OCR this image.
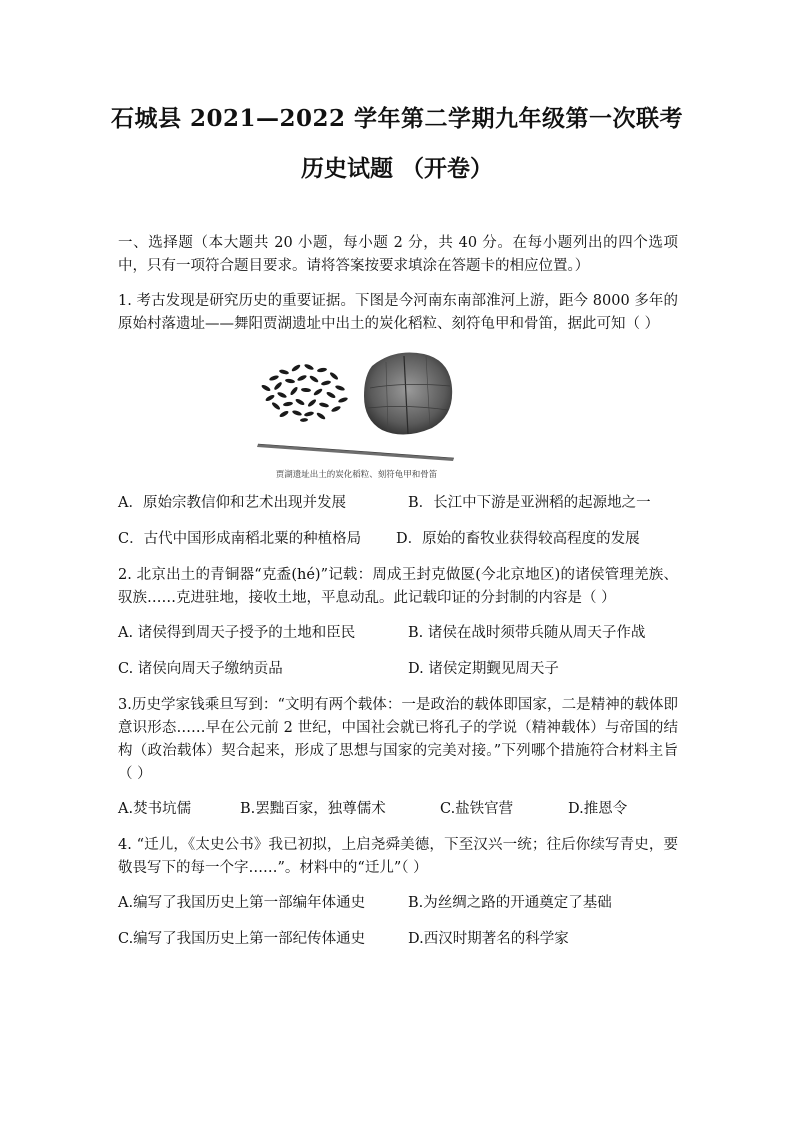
石城县 2021—2022 学年第二学期九年级第一次联考
历史试题 （开卷）

一、选择题（本大题共 20 小题，每小题 2 分，共 40 分。在每小题列出的四个选项中，只有一项符合题目要求。请将答案按要求填涂在答题卡的相应位置。）

1. 考古发现是研究历史的重要证据。下图是今河南东南部淮河上游，距今 8000 多年的原始村落遗址——舞阳贾湖遗址中出土的炭化稻粒、刻符龟甲和骨笛，据此可知（ ）

贾湖遗址出土的炭化稻粒、刻符龟甲和骨笛
A．原始宗教信仰和艺术出现并发展	B．长江中下游是亚洲稻的起源地之一
C．古代中国形成南稻北粟的种植格局	D．原始的畜牧业获得较高程度的发展

2. 北京出土的青铜器“克盉(hé)”记载：周成王封克做匽(今北京地区)的诸侯管理羌族、驭族……克进驻地，接收土地，平息动乱。此记载印证的分封制的内容是（ ）

A. 诸侯得到周天子授予的土地和臣民	B. 诸侯在战时须带兵随从周天子作战
C. 诸侯向周天子缴纳贡品	D. 诸侯定期觐见周天子

3.历史学家钱乘旦写到：“文明有两个载体：一是政治的载体即国家，二是精神的载体即意识形态……早在公元前 2 世纪，中国社会就已将孔子的学说（精神载体）与帝国的结构（政治载体）契合起来，形成了思想与国家的完美对接。”下列哪个措施符合材料主旨（ ）

A.焚书坑儒	B.罢黜百家，独尊儒术	C.盐铁官营	D.推恩令

4. “迁儿，《太史公书》我已初拟，上启尧舜美德，下至汉兴一统；往后你续写青史，要敬畏写下的每一个字……”。材料中的“迁儿”（ ）

A.编写了我国历史上第一部编年体通史	B.为丝绸之路的开通奠定了基础
C.编写了我国历史上第一部纪传体通史	D.西汉时期著名的科学家
